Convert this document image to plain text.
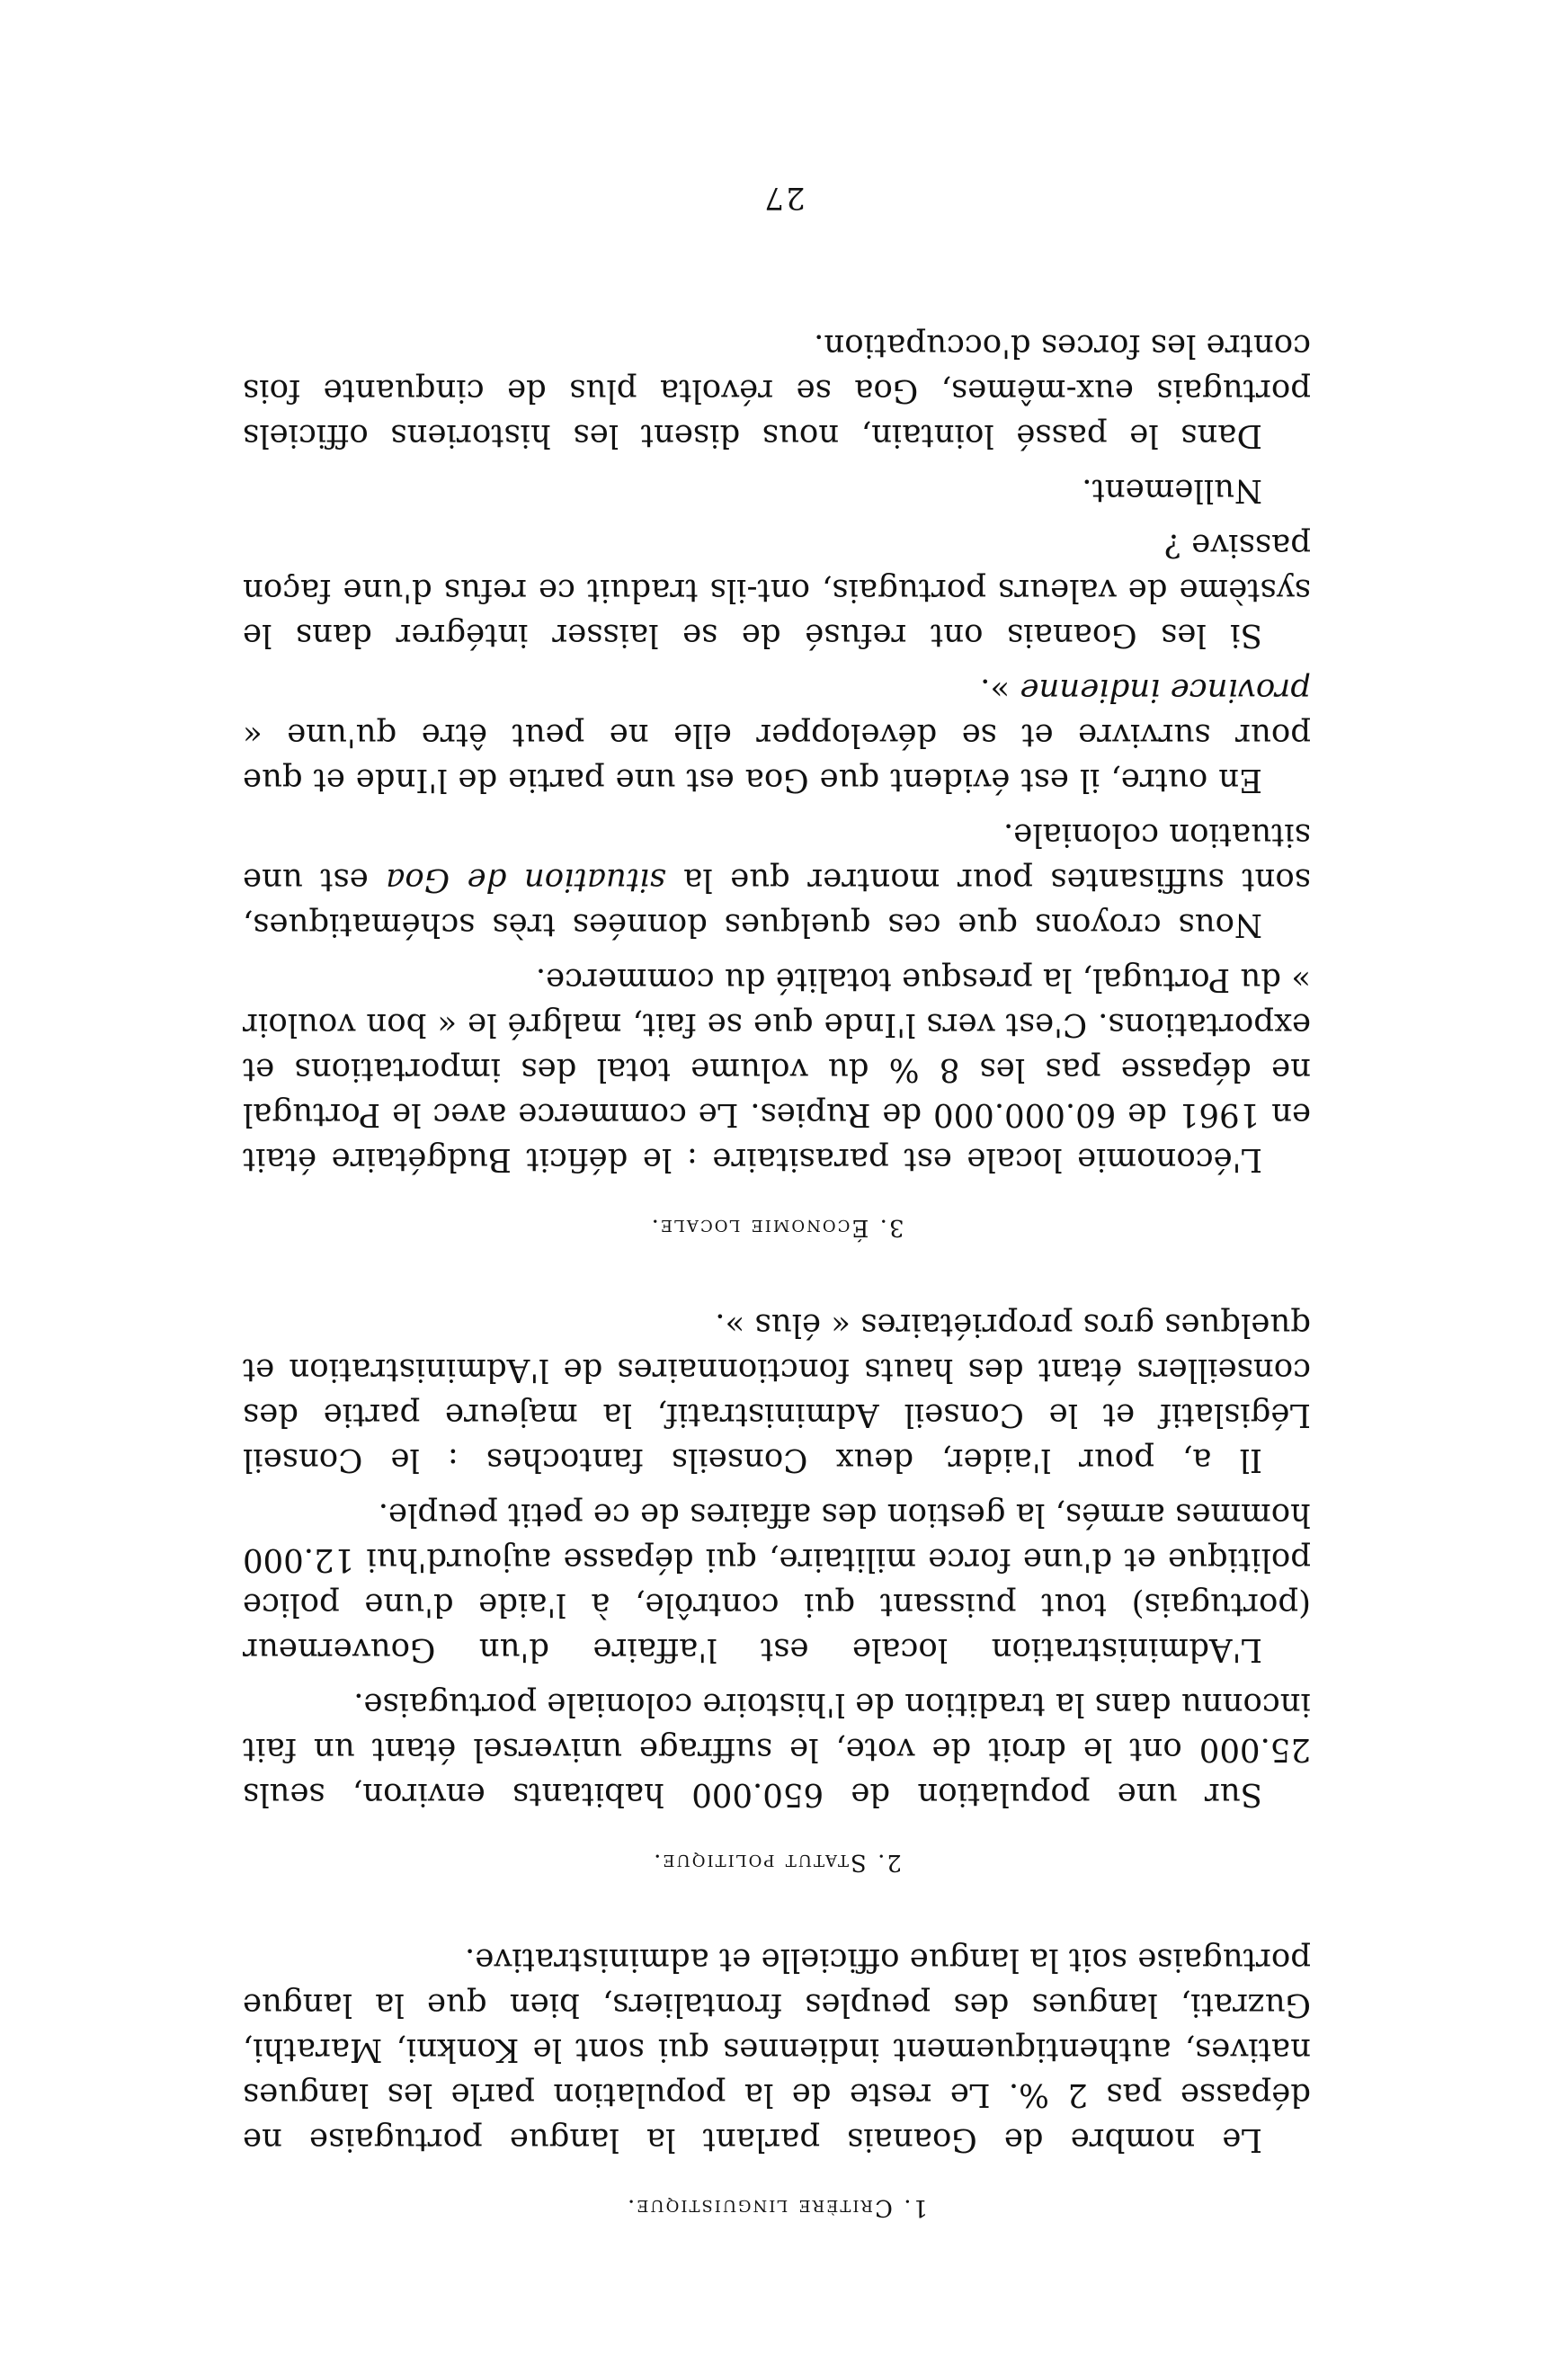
1. Critère linguistique.

Le nombre de Goanais parlant la langue portugaise ne dépasse pas 2 %. Le reste de la population parle les langues natives, authentiquement indiennes qui sont le Konkni, Marathi, Guzrati, langues des peuples frontaliers, bien que la langue portugaise soit la langue officielle et administrative.

2. Statut politique.

Sur une population de 650.000 habitants environ, seuls 25.000 ont le droit de vote, le suffrage universel étant un fait inconnu dans la tradition de l'histoire coloniale portugaise.

L'Administration locale est l'affaire d'un Gouverneur (portugais) tout puissant qui contrôle, à l'aide d'une police politique et d'une force militaire, qui dépasse aujourd'hui 12.000 hommes armés, la gestion des affaires de ce petit peuple.

Il a, pour l'aider, deux Conseils fantoches : le Conseil Législatif et le Conseil Administratif, la majeure partie des conseillers étant des hauts fonctionnaires de l'Administration et quelques gros propriétaires « élus ».

3. Économie locale.

L'économie locale est parasitaire : le déficit Budgétaire était en 1961 de 60.000.000 de Rupies. Le commerce avec le Portugal ne dépasse pas les 8 % du volume total des importations et exportations. C'est vers l'Inde que se fait, malgré le « bon vouloir » du Portugal, la presque totalité du commerce.

Nous croyons que ces quelques données très schématiques, sont suffisantes pour montrer que la situation de Goa est une situation coloniale.

En outre, il est évident que Goa est une partie de l'Inde et que pour survivre et se développer elle ne peut être qu'une « province indienne ».

Si les Goanais ont refusé de se laisser intégrer dans le système de valeurs portugais, ont-ils traduit ce refus d'une façon passive ?

Nullement.

Dans le passé lointain, nous disent les historiens officiels portugais eux-mêmes, Goa se révolta plus de cinquante fois contre les forces d'occupation.

27
